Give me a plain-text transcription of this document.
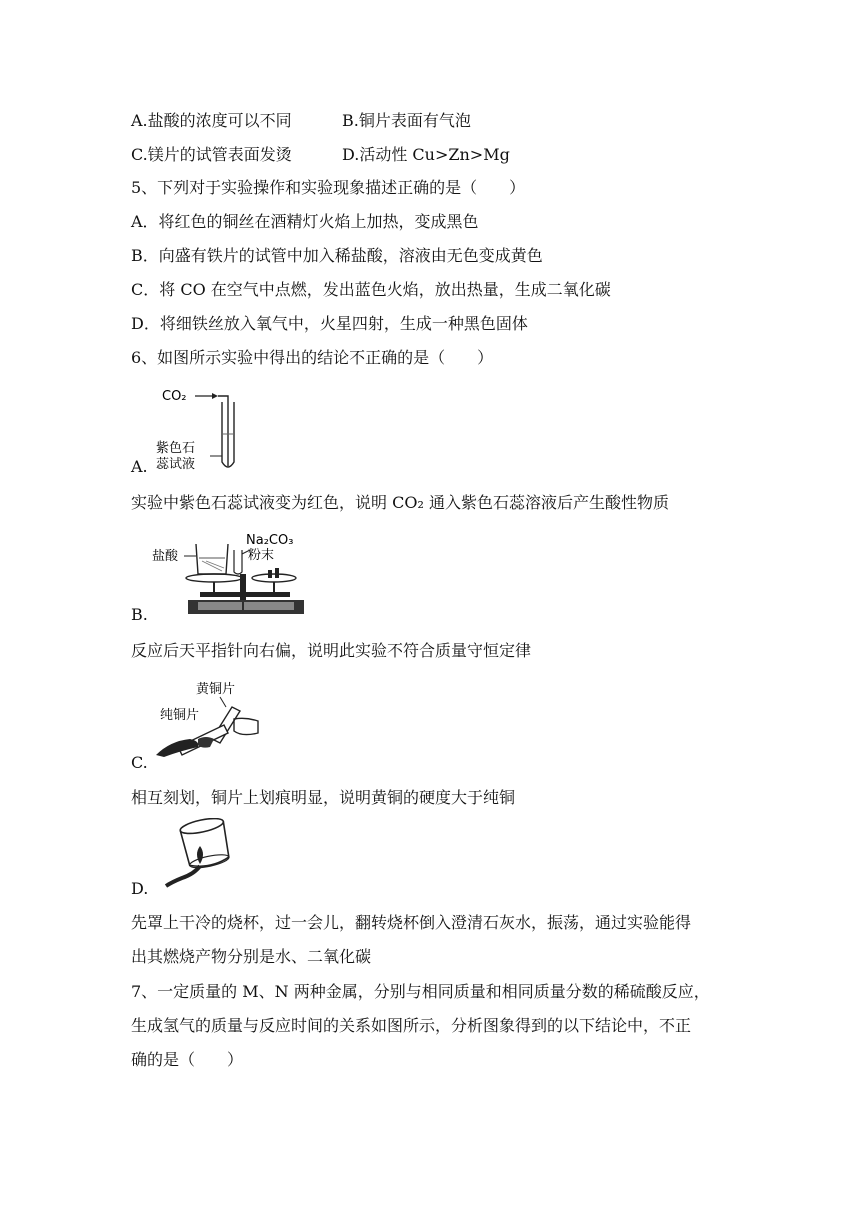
A.盐酸的浓度可以不同	B.铜片表面有气泡
C.镁片的试管表面发烫	D.活动性 Cu>Zn>Mg
5、下列对于实验操作和实验现象描述正确的是（　　）
A．将红色的铜丝在酒精灯火焰上加热，变成黑色
B．向盛有铁片的试管中加入稀盐酸，溶液由无色变成黄色
C．将 CO 在空气中点燃，发出蓝色火焰，放出热量，生成二氧化碳
D．将细铁丝放入氧气中，火星四射，生成一种黑色固体
6、如图所示实验中得出的结论不正确的是（　　）
CO₂
紫色石
蕊试液
A.
实验中紫色石蕊试液变为红色，说明 CO₂ 通入紫色石蕊溶液后产生酸性物质
盐酸
Na₂CO₃
粉末
B.
反应后天平指针向右偏，说明此实验不符合质量守恒定律
黄铜片
纯铜片
C.
相互刻划，铜片上划痕明显，说明黄铜的硬度大于纯铜
D.
先罩上干冷的烧杯，过一会儿，翻转烧杯倒入澄清石灰水，振荡，通过实验能得
出其燃烧产物分别是水、二氧化碳
7、一定质量的 M、N 两种金属，分别与相同质量和相同质量分数的稀硫酸反应，
生成氢气的质量与反应时间的关系如图所示，分析图象得到的以下结论中，不正
确的是（　　）
